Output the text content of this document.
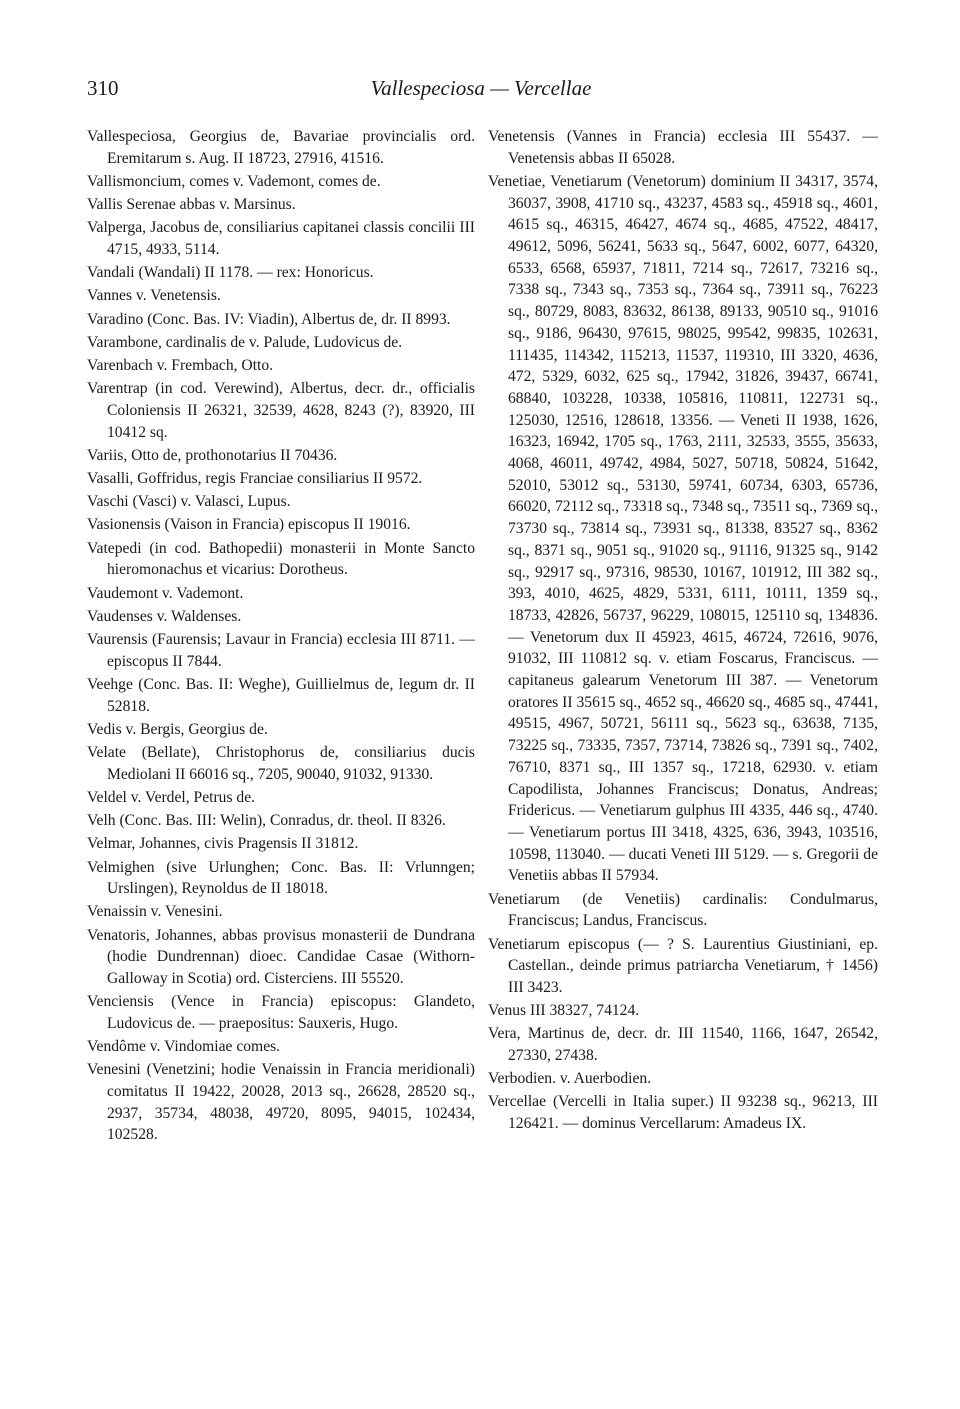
310	Vallespeciosa — Vercellae

Vallespeciosa, Georgius de, Bavariae provincialis ord. Eremitarum s. Aug. II 18723, 27916, 41516.

Vallismoncium, comes v. Vademont, comes de.

Vallis Serenae abbas v. Marsinus.

Valperga, Jacobus de, consiliarius capitanei classis concilii III 4715, 4933, 5114.

Vandali (Wandali) II 1178. — rex: Honoricus.

Vannes v. Venetensis.

Varadino (Conc. Bas. IV: Viadin), Albertus de, dr. II 8993.

Varambone, cardinalis de v. Palude, Ludovicus de.

Varenbach v. Frembach, Otto.

Varentrap (in cod. Verewind), Albertus, decr. dr., officialis Coloniensis II 26321, 32539, 4628, 8243 (?), 83920, III 10412 sq.

Variis, Otto de, prothonotarius II 70436.

Vasalli, Goffridus, regis Franciae consiliarius II 9572.

Vaschi (Vasci) v. Valasci, Lupus.

Vasionensis (Vaison in Francia) episcopus II 19016.

Vatepedi (in cod. Bathopedii) monasterii in Monte Sancto hieromonachus et vicarius: Dorotheus.

Vaudemont v. Vademont.

Vaudenses v. Waldenses.

Vaurensis (Faurensis; Lavaur in Francia) ecclesia III 8711. — episcopus II 7844.

Veehge (Conc. Bas. II: Weghe), Guillielmus de, legum dr. II 52818.

Vedis v. Bergis, Georgius de.

Velate (Bellate), Christophorus de, consiliarius ducis Mediolani II 66016 sq., 7205, 90040, 91032, 91330.

Veldel v. Verdel, Petrus de.

Velh (Conc. Bas. III: Welin), Conradus, dr. theol. II 8326.

Velmar, Johannes, civis Pragensis II 31812.

Velmighen (sive Urlunghen; Conc. Bas. II: Vrlunngen; Urslingen), Reynoldus de II 18018.

Venaissin v. Venesini.

Venatoris, Johannes, abbas provisus monasterii de Dundrana (hodie Dundrennan) dioec. Candidae Casae (Withorn-Galloway in Scotia) ord. Cisterciens. III 55520.

Venciensis (Vence in Francia) episcopus: Glandeto, Ludovicus de. — praepositus: Sauxeris, Hugo.

Vendôme v. Vindomiae comes.

Venesini (Venetzini; hodie Venaissin in Francia meridionali) comitatus II 19422, 20028, 2013 sq., 26628, 28520 sq., 2937, 35734, 48038, 49720, 8095, 94015, 102434, 102528.

Venetensis (Vannes in Francia) ecclesia III 55437. — Venetensis abbas II 65028.

Venetiae, Venetiarum (Venetorum) dominium II 34317, 3574, 36037, 3908, 41710 sq., 43237, 4583 sq., 45918 sq., 4601, 4615 sq., 46315, 46427, 4674 sq., 4685, 47522, 48417, 49612, 5096, 56241, 5633 sq., 5647, 6002, 6077, 64320, 6533, 6568, 65937, 71811, 7214 sq., 72617, 73216 sq., 7338 sq., 7343 sq., 7353 sq., 7364 sq., 73911 sq., 76223 sq., 80729, 8083, 83632, 86138, 89133, 90510 sq., 91016 sq., 9186, 96430, 97615, 98025, 99542, 99835, 102631, 111435, 114342, 115213, 11537, 119310, III 3320, 4636, 472, 5329, 6032, 625 sq., 17942, 31826, 39437, 66741, 68840, 103228, 10338, 105816, 110811, 122731 sq., 125030, 12516, 128618, 13356. — Veneti II 1938, 1626, 16323, 16942, 1705 sq., 1763, 2111, 32533, 3555, 35633, 4068, 46011, 49742, 4984, 5027, 50718, 50824, 51642, 52010, 53012 sq., 53130, 59741, 60734, 6303, 65736, 66020, 72112 sq., 73318 sq., 7348 sq., 73511 sq., 7369 sq., 73730 sq., 73814 sq., 73931 sq., 81338, 83527 sq., 8362 sq., 8371 sq., 9051 sq., 91020 sq., 91116, 91325 sq., 9142 sq., 92917 sq., 97316, 98530, 10167, 101912, III 382 sq., 393, 4010, 4625, 4829, 5331, 6111, 10111, 1359 sq., 18733, 42826, 56737, 96229, 108015, 125110 sq, 134836. — Venetorum dux II 45923, 4615, 46724, 72616, 9076, 91032, III 110812 sq. v. etiam Foscarus, Franciscus. — capitaneus galearum Venetorum III 387. — Venetorum oratores II 35615 sq., 4652 sq., 46620 sq., 4685 sq., 47441, 49515, 4967, 50721, 56111 sq., 5623 sq., 63638, 7135, 73225 sq., 73335, 7357, 73714, 73826 sq., 7391 sq., 7402, 76710, 8371 sq., III 1357 sq., 17218, 62930. v. etiam Capodilista, Johannes Franciscus; Donatus, Andreas; Fridericus. — Venetiarum gulphus III 4335, 446 sq., 4740. — Venetiarum portus III 3418, 4325, 636, 3943, 103516, 10598, 113040. — ducati Veneti III 5129. — s. Gregorii de Venetiis abbas II 57934.

Venetiarum (de Venetiis) cardinalis: Condulmarus, Franciscus; Landus, Franciscus.

Venetiarum episcopus (— ? S. Laurentius Giustiniani, ep. Castellan., deinde primus patriarcha Venetiarum, † 1456) III 3423.

Venus III 38327, 74124.

Vera, Martinus de, decr. dr. III 11540, 1166, 1647, 26542, 27330, 27438.

Verbodien. v. Auerbodien.

Vercellae (Vercelli in Italia super.) II 93238 sq., 96213, III 126421. — dominus Vercellarum: Amadeus IX.
